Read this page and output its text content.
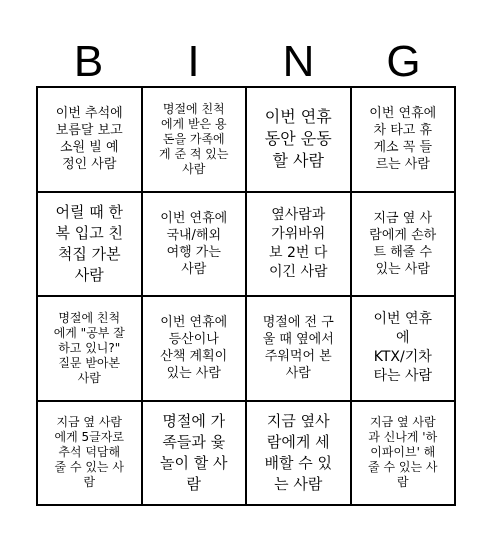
B	I	N	G
이번 추석에
보름달 보고
소원 빌 예
정인 사람
명절에 친척
에게 받은 용
돈을 가족에
게 준 적 있는
사람
이번 연휴
동안 운동
할 사람
이번 연휴에
차 타고 휴
게소 꼭 들
르는 사람
어릴 때 한
복 입고 친
척집 가본
사람
이번 연휴에
국내/해외
여행 가는
사람
옆사람과
가위바위
보 2번 다
이긴 사람
지금 옆 사
람에게 손하
트 해줄 수
있는 사람
명절에 친척
에게 "공부 잘
하고 있니?"
질문 받아본
사람
이번 연휴에
등산이나
산책 계획이
있는 사람
명절에 전 구
울 때 옆에서
주워먹어 본
사람
이번 연휴
에
KTX/기차
타는 사람
지금 옆 사람
에게 5글자로
추석 덕담해
줄 수 있는 사
람
명절에 가
족들과 윷
놀이 할 사
람
지금 옆사
람에게 세
배할 수 있
는 사람
지금 옆 사람
과 신나게 '하
이파이브' 해
줄 수 있는 사
람
